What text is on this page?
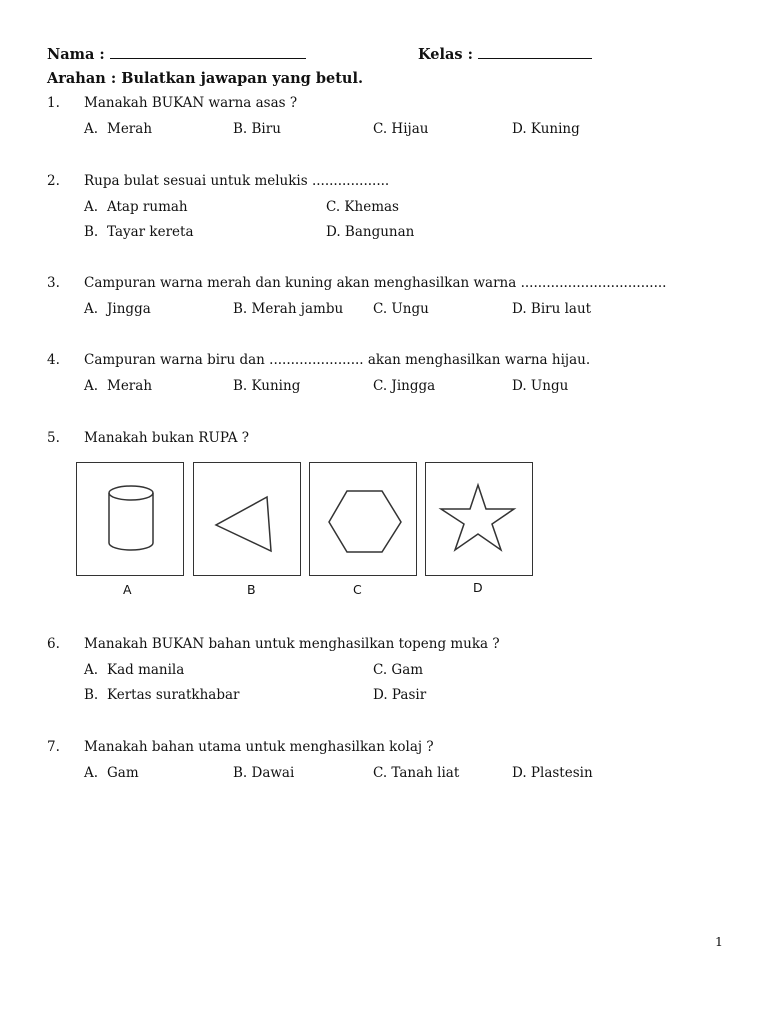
Nama :	Kelas :
Arahan : Bulatkan jawapan yang betul.
1. Manakah BUKAN warna asas ?
A. Merah	B. Biru	C. Hijau	D. Kuning
2. Rupa bulat sesuai untuk melukis ..................
A. Atap rumah	C. Khemas
B. Tayar kereta	D. Bangunan
3. Campuran warna merah dan kuning akan menghasilkan warna ..................................
A. Jingga	B. Merah jambu C. Ungu	D. Biru laut
4. Campuran warna biru dan ...................... akan menghasilkan warna hijau.
A. Merah	B. Kuning	C. Jingga	D. Ungu
5. Manakah bukan RUPA ?
A	B	C	D
6. Manakah BUKAN bahan untuk menghasilkan topeng muka ?
A. Kad manila	C. Gam
B. Kertas suratkhabar	D. Pasir
7. Manakah bahan utama untuk menghasilkan kolaj ?
A. Gam	B. Dawai	C. Tanah liat	D. Plastesin
1
